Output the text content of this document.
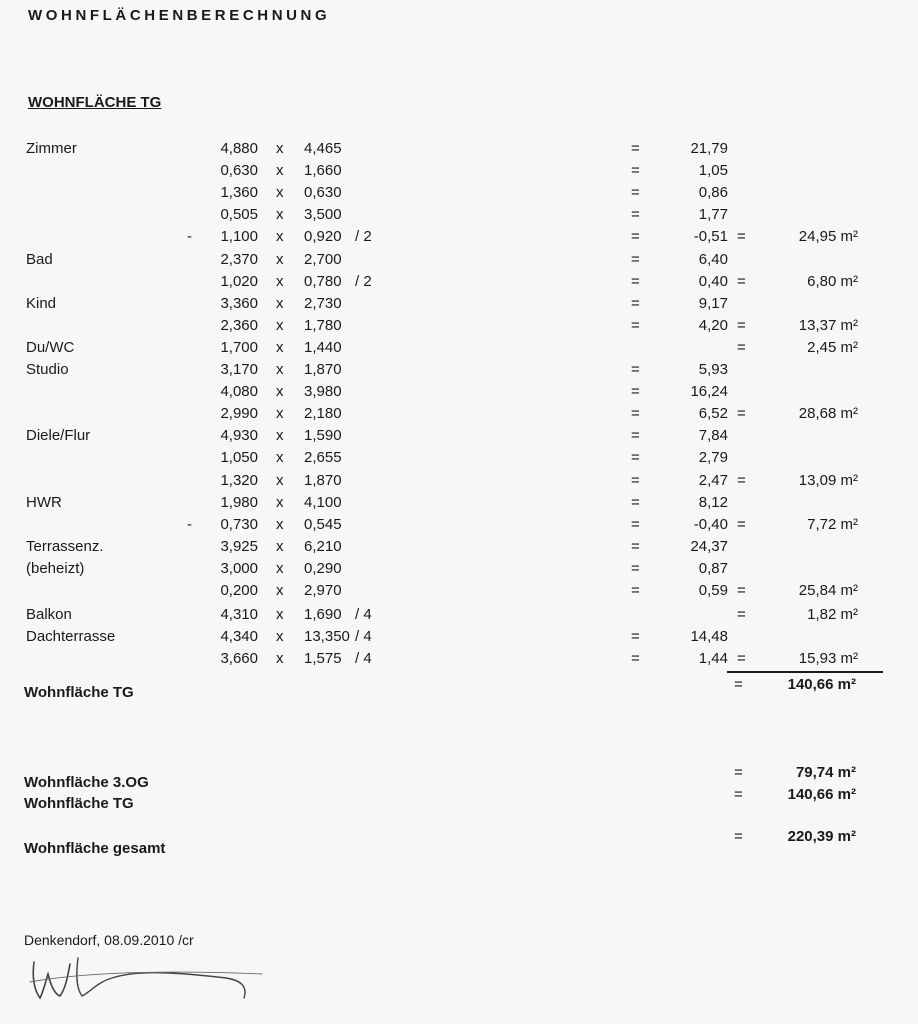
WOHNFLÄCHENBERECHNUNG
WOHNFLÄCHE TG
Zimmer	4,880 x 4,465	=	21,79
0,630 x 1,660	=	1,05
1,360 x 0,630	=	0,86
0,505 x 3,500	=	1,77
- 1,100 x 0,920 / 2	=	-0,51 =	24,95 m²
Bad	2,370 x 2,700	=	6,40
1,020 x 0,780 / 2	=	0,40 =	6,80 m²
Kind	3,360 x 2,730	=	9,17
2,360 x 1,780	=	4,20 =	13,37 m²
Du/WC	1,700 x 1,440	=	2,45 m²
Studio	3,170 x 1,870	=	5,93
4,080 x 3,980	=	16,24
2,990 x 2,180	=	6,52 =	28,68 m²
Diele/Flur	4,930 x 1,590	=	7,84
1,050 x 2,655	=	2,79
1,320 x 1,870	=	2,47 =	13,09 m²
HWR	1,980 x 4,100	=	8,12
- 0,730 x 0,545	=	-0,40 =	7,72 m²
Terrassenz.	3,925 x 6,210	=	24,37
(beheizt)	3,000 x 0,290	=	0,87
0,200 x 2,970	=	0,59 =	25,84 m²
Balkon	4,310 x 1,690 / 4	=	1,82 m²
Dachterrasse	4,340 x 13,350 / 4	=	14,48
3,660 x 1,575 / 4	=	1,44 =	15,93 m²
Wohnfläche TG	=	140,66 m²
Wohnfläche 3.OG
=	79,74 m²
Wohnfläche TG
=	140,66 m²
Wohnfläche gesamt
=	220,39 m²
Denkendorf, 08.09.2010 /cr
